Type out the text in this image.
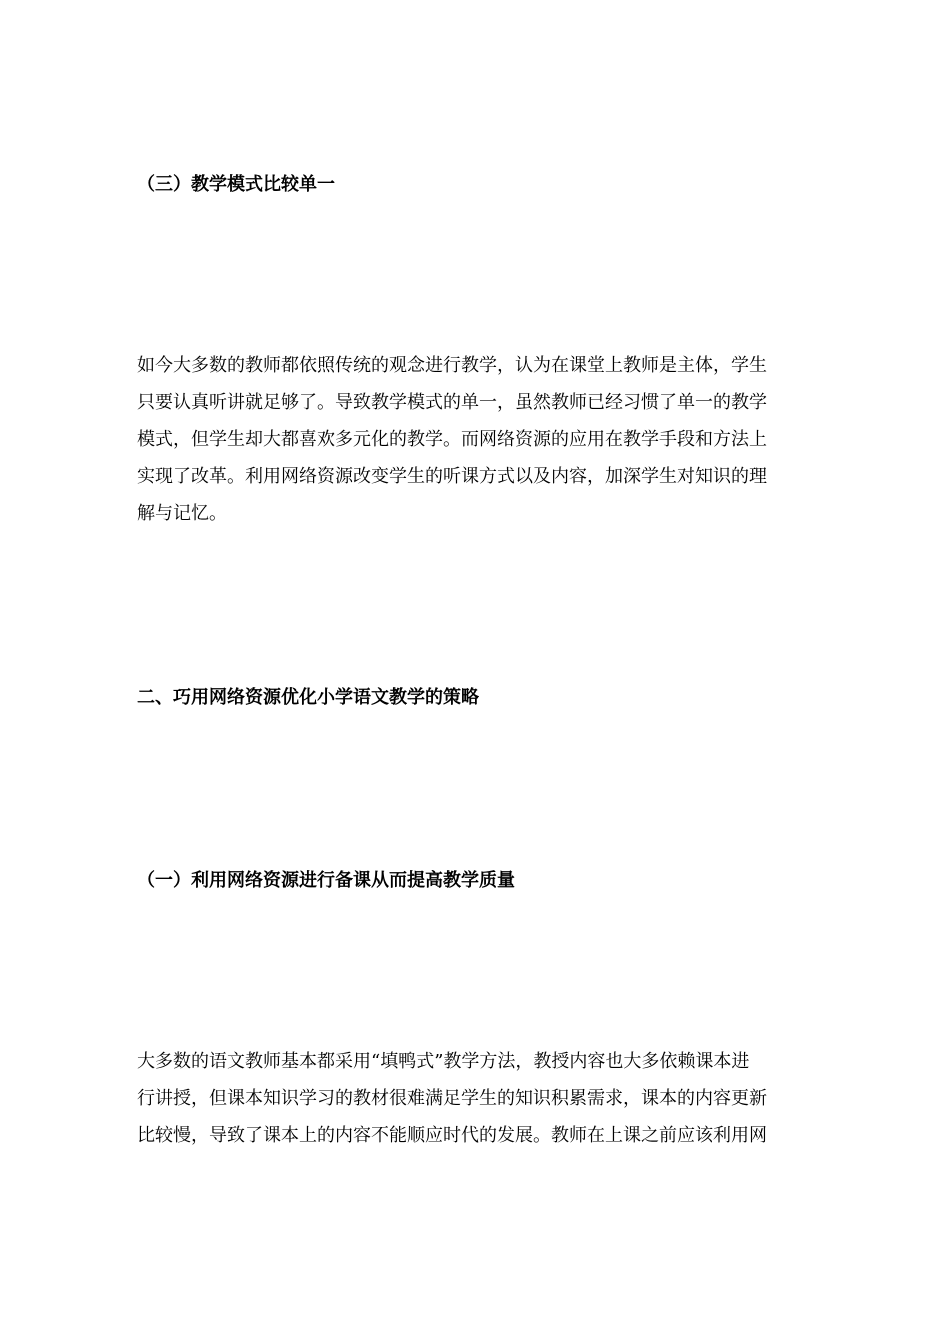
（三）教学模式比较单一
如今大多数的教师都依照传统的观念进行教学，认为在课堂上教师是主体，学生
只要认真听讲就足够了。导致教学模式的单一，虽然教师已经习惯了单一的教学
模式，但学生却大都喜欢多元化的教学。而网络资源的应用在教学手段和方法上
实现了改革。利用网络资源改变学生的听课方式以及内容，加深学生对知识的理
解与记忆。
二、巧用网络资源优化小学语文教学的策略
（一）利用网络资源进行备课从而提高教学质量
大多数的语文教师基本都采用“填鸭式”教学方法，教授内容也大多依赖课本进
行讲授，但课本知识学习的教材很难满足学生的知识积累需求，课本的内容更新
比较慢，导致了课本上的内容不能顺应时代的发展。教师在上课之前应该利用网
